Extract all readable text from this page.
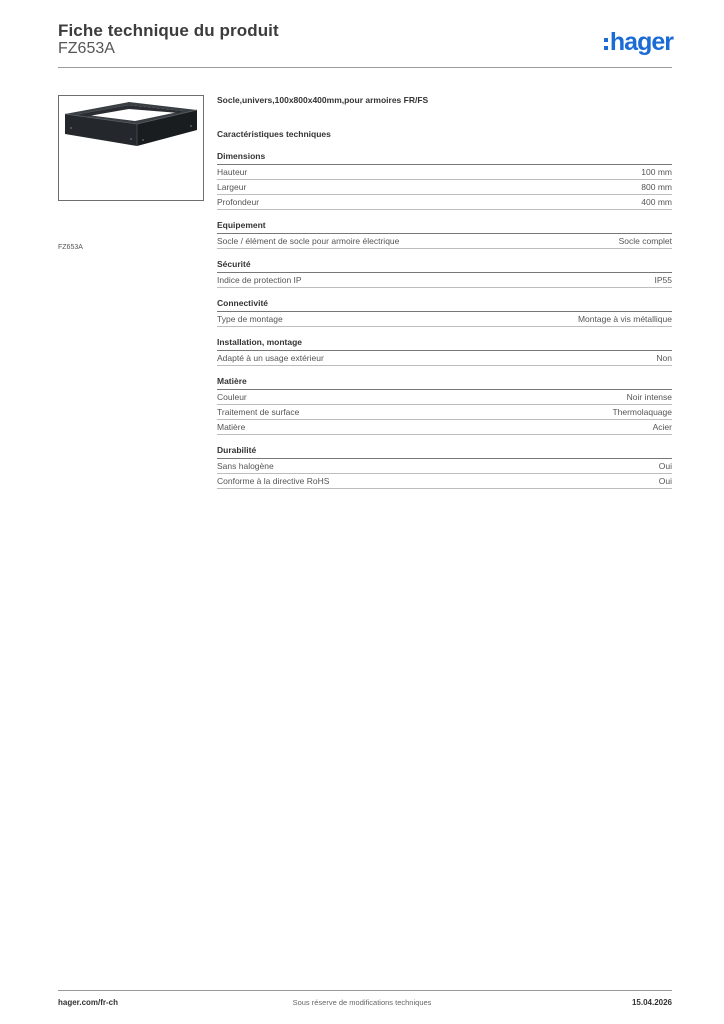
Fiche technique du produit
FZ653A	hager
FZ653A
Socle,univers,100x800x400mm,pour armoires FR/FS
Caractéristiques techniques
Dimensions
Hauteur	100 mm
Largeur	800 mm
Profondeur	400 mm
Equipement
Socle / élément de socle pour armoire électrique	Socle complet
Sécurité
Indice de protection IP	IP55
Connectivité
Type de montage	Montage à vis métallique
Installation, montage
Adapté à un usage extérieur	Non
Matière
Couleur	Noir intense
Traitement de surface	Thermolaquage
Matière	Acier
Durabilité
Sans halogène	Oui
Conforme à la directive RoHS	Oui
hager.com/fr-ch	Sous réserve de modifications techniques	15.04.2026
